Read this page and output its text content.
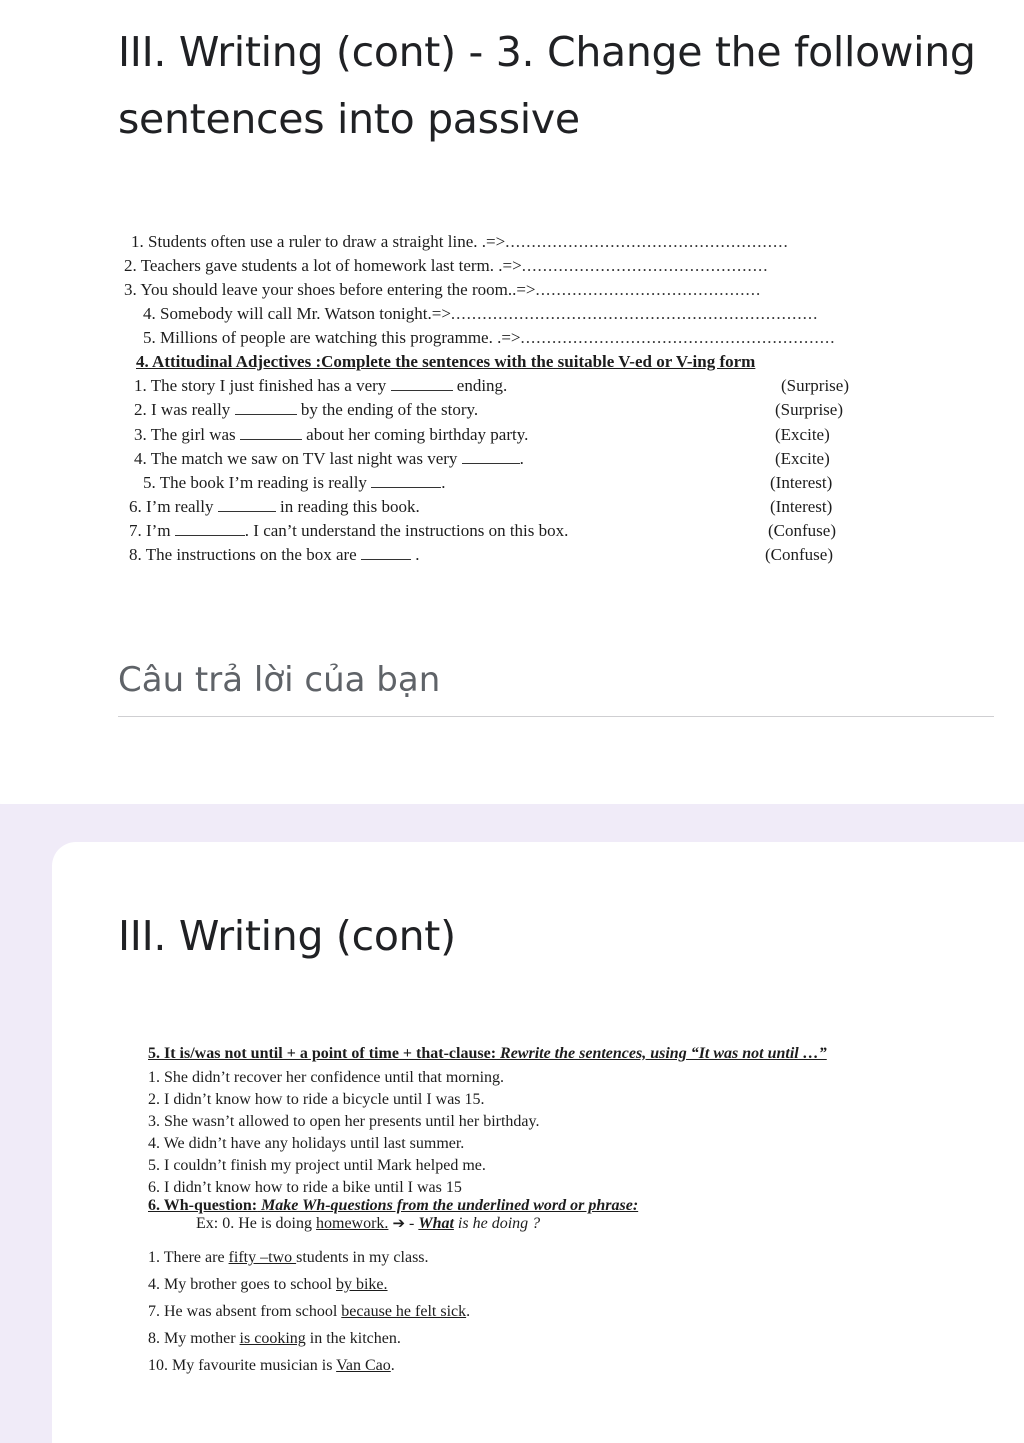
III. Writing (cont) - 3. Change the following
sentences into passive
1. Students often use a ruler to draw a straight line. .=>......................................................
2. Teachers gave students a lot of homework last term. .=>...............................................
3. You should leave your shoes before entering the room..=>...........................................
4. Somebody will call Mr. Watson tonight.=>......................................................................
5. Millions of people are watching this programme. .=>............................................................
4. Attitudinal Adjectives :Complete the sentences with the suitable V-ed or V-ing form
1. The story I just finished has a very	ending.	(Surprise)
2. I was really	by the ending of the story.	(Surprise)
3. The girl was	about her coming birthday party.	(Excite)
4. The match we saw on TV last night was very	.	(Excite)
5. The book I’m reading is really	.	(Interest)
6. I’m really	in reading this book.	(Interest)
7. I’m	. I can’t understand the instructions on this box.	(Confuse)
8. The instructions on the box are	.	(Confuse)
Câu trả lời của bạn
III. Writing (cont)
5. It is/was not until + a point of time + that-clause: Rewrite the sentences, using “It was not until …”
1. She didn’t recover her confidence until that morning.
2. I didn’t know how to ride a bicycle until I was 15.
3. She wasn’t allowed to open her presents until her birthday.
4. We didn’t have any holidays until last summer.
5. I couldn’t finish my project until Mark helped me.
6. I didn’t know how to ride a bike until I was 15
6. Wh-question: Make Wh-questions from the underlined word or phrase:
Ex: 0. He is doing homework. ➔ - What is he doing ?
1. There are fifty –two students in my class.
4. My brother goes to school by bike.
7. He was absent from school because he felt sick.
8. My mother is cooking in the kitchen.
10. My favourite musician is Van Cao.
